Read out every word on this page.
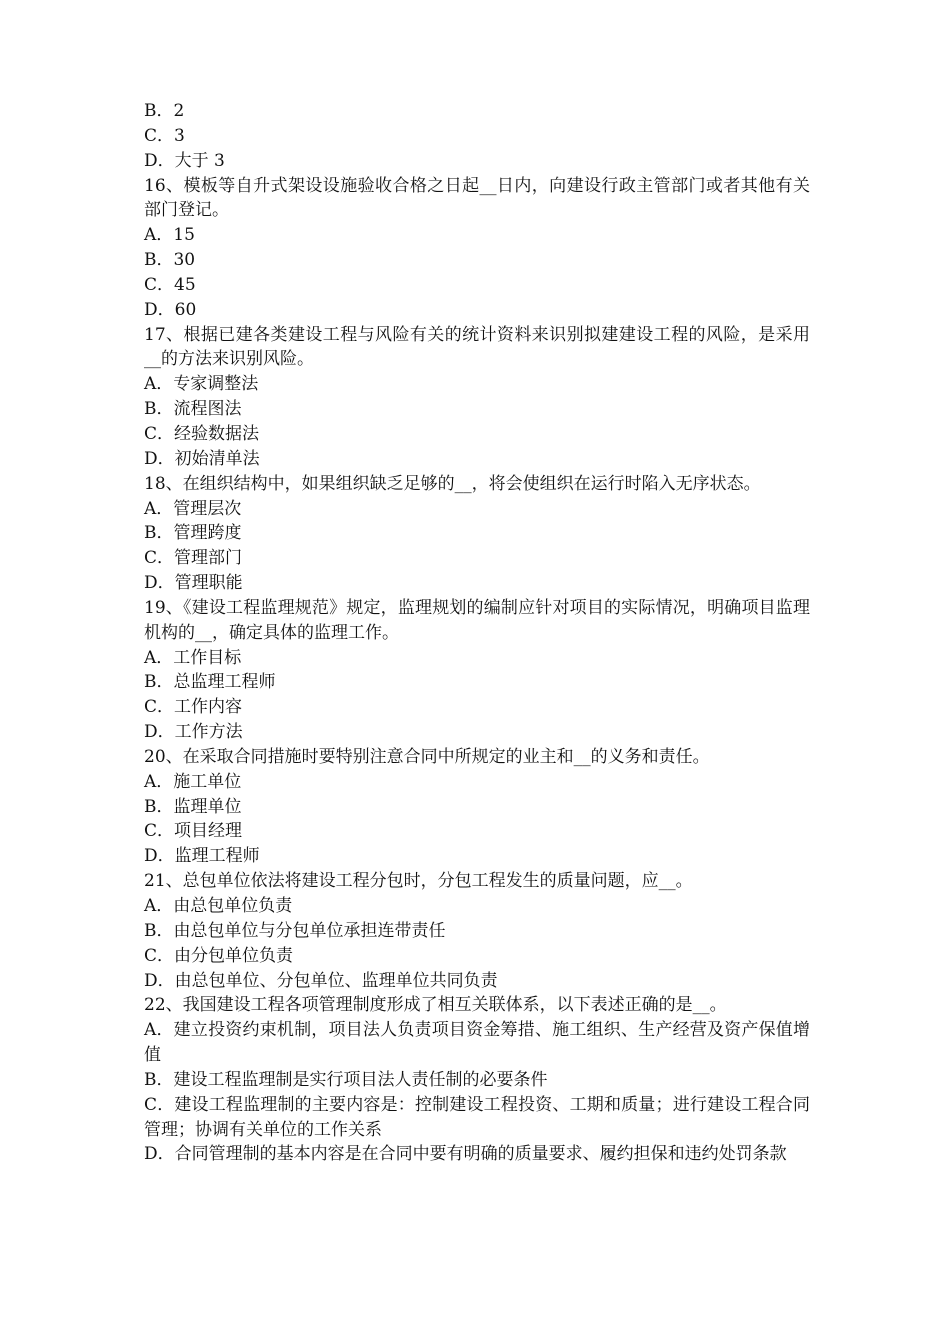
B．2

C．3

D．大于 3

16、模板等自升式架设设施验收合格之日起__日内，向建设行政主管部门或者其他有关部门登记。

A．15

B．30

C．45

D．60

17、根据已建各类建设工程与风险有关的统计资料来识别拟建建设工程的风险，是采用__的方法来识别风险。

A．专家调整法

B．流程图法

C．经验数据法

D．初始清单法

18、在组织结构中，如果组织缺乏足够的__，将会使组织在运行时陷入无序状态。

A．管理层次

B．管理跨度

C．管理部门

D．管理职能

19、《建设工程监理规范》规定，监理规划的编制应针对项目的实际情况，明确项目监理机构的__，确定具体的监理工作。

A．工作目标

B．总监理工程师

C．工作内容

D．工作方法

20、在采取合同措施时要特别注意合同中所规定的业主和__的义务和责任。

A．施工单位

B．监理单位

C．项目经理

D．监理工程师

21、总包单位依法将建设工程分包时，分包工程发生的质量问题，应__。

A．由总包单位负责

B．由总包单位与分包单位承担连带责任

C．由分包单位负责

D．由总包单位、分包单位、监理单位共同负责

22、我国建设工程各项管理制度形成了相互关联体系，以下表述正确的是__。

A．建立投资约束机制，项目法人负责项目资金筹措、施工组织、生产经营及资产保值增值

B．建设工程监理制是实行项目法人责任制的必要条件

C．建设工程监理制的主要内容是：控制建设工程投资、工期和质量；进行建设工程合同管理；协调有关单位的工作关系

D．合同管理制的基本内容是在合同中要有明确的质量要求、履约担保和违约处罚条款
